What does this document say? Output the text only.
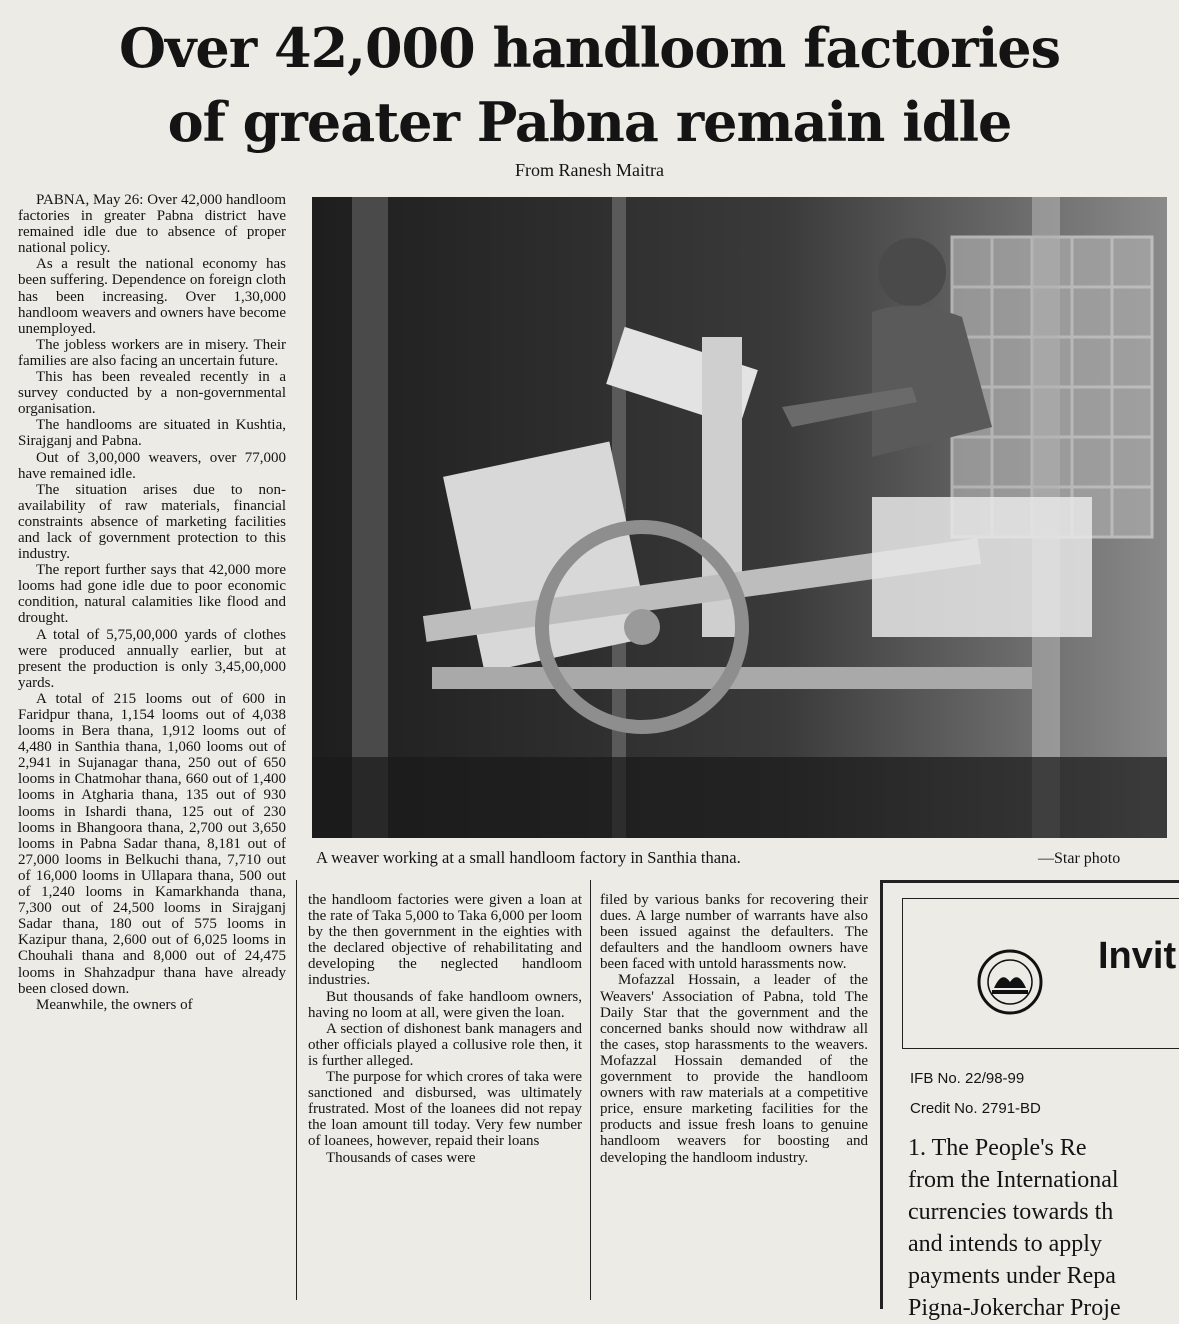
Over 42,000 handloom factories
of greater Pabna remain idle
From Ranesh Maitra

PABNA, May 26: Over 42,000 handloom factories in greater Pabna district have remained idle due to absence of proper national policy.

As a result the national economy has been suffering. Dependence on foreign cloth has been increasing. Over 1,30,000 handloom weavers and owners have become unemployed.

The jobless workers are in misery. Their families are also facing an uncertain future.

This has been revealed recently in a survey conducted by a non-governmental organisation.

The handlooms are situated in Kushtia, Sirajganj and Pabna.

Out of 3,00,000 weavers, over 77,000 have remained idle.

The situation arises due to non-availability of raw materials, financial constraints absence of marketing facilities and lack of government protection to this industry.

The report further says that 42,000 more looms had gone idle due to poor economic condition, natural calamities like flood and drought.

A total of 5,75,00,000 yards of clothes were produced annually earlier, but at present the production is only 3,45,00,000 yards.

A total of 215 looms out of 600 in Faridpur thana, 1,154 looms out of 4,038 looms in Bera thana, 1,912 looms out of 4,480 in Santhia thana, 1,060 looms out of 2,941 in Sujanagar thana, 250 out of 650 looms in Chatmohar thana, 660 out of 1,400 looms in Atgharia thana, 135 out of 930 looms in Ishardi thana, 125 out of 230 looms in Bhangoora thana, 2,700 out 3,650 looms in Pabna Sadar thana, 8,181 out of 27,000 looms in Belkuchi thana, 7,710 out of 16,000 looms in Ullapara thana, 500 out of 1,240 looms in Kamarkhanda thana, 7,300 out of 24,500 looms in Sirajganj Sadar thana, 180 out of 575 looms in Kazipur thana, 2,600 out of 6,025 looms in Chouhali thana and 8,000 out of 24,475 looms in Shahzadpur thana have already been closed down.

Meanwhile, the owners of

A weaver working at a small handloom factory in Santhia thana.	—Star photo

the handloom factories were given a loan at the rate of Taka 5,000 to Taka 6,000 per loom by the then government in the eighties with the declared objective of rehabilitating and developing the neglected handloom industries.

But thousands of fake handloom owners, having no loom at all, were given the loan.

A section of dishonest bank managers and other officials played a collusive role then, it is further alleged.

The purpose for which crores of taka were sanctioned and disbursed, was ultimately frustrated. Most of the loanees did not repay the loan amount till today. Very few number of loanees, however, repaid their loans

Thousands of cases were

filed by various banks for recovering their dues. A large number of warrants have also been issued against the defaulters. The defaulters and the handloom owners have been faced with untold harassments now.

Mofazzal Hossain, a leader of the Weavers' Association of Pabna, told The Daily Star that the government and the concerned banks should now withdraw all the cases, stop harassments to the weavers. Mofazzal Hossain demanded of the government to provide the handloom owners with raw materials at a competitive price, ensure marketing facilities for the products and issue fresh loans to genuine handloom weavers for boosting and developing the handloom industry.

Invit
IFB No. 22/98-99
Credit No. 2791-BD
1. The People's Re
from the International
currencies towards th
and intends to apply
payments under Repa
Pigna-Jokerchar Proje
